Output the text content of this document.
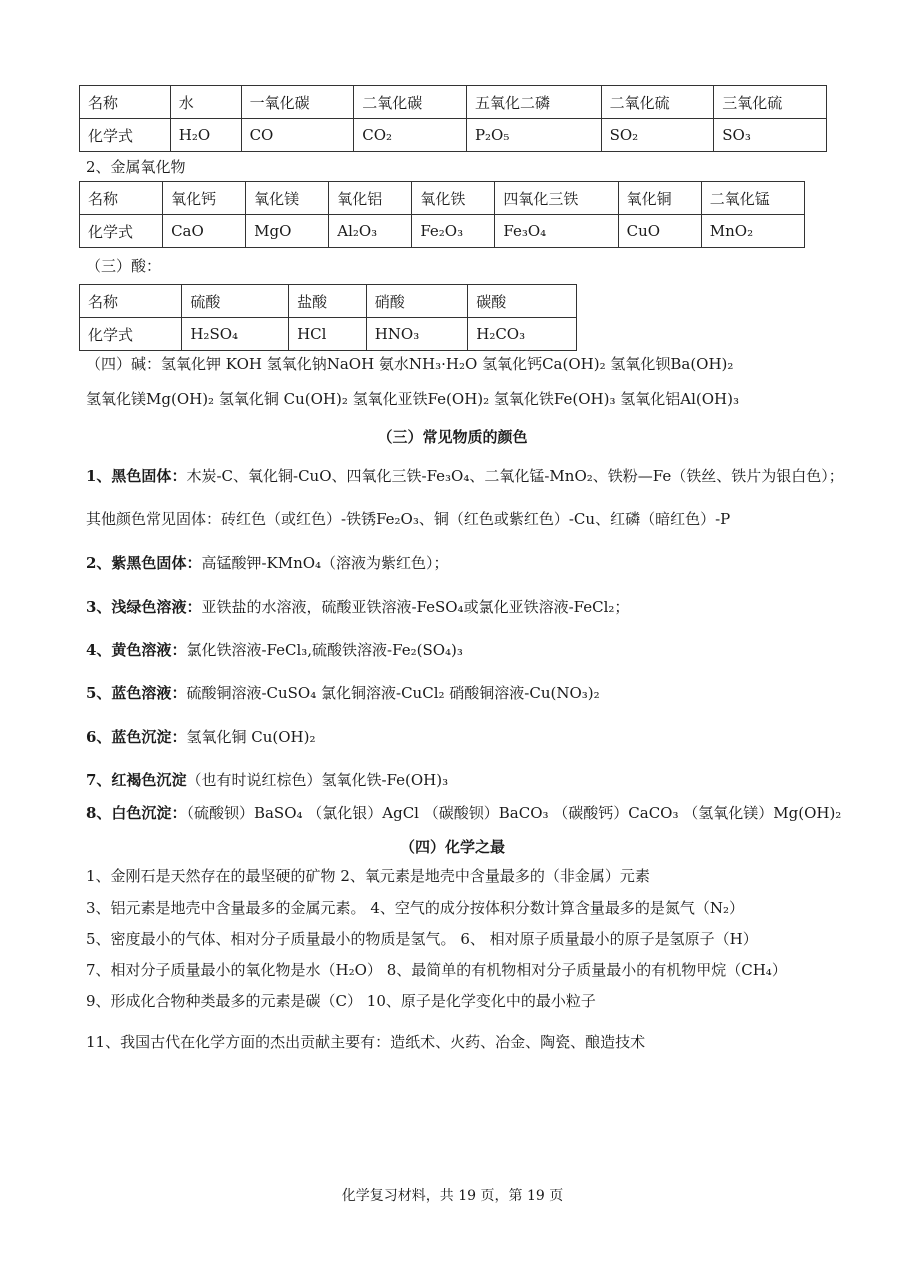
名称	水	一氧化碳	二氧化碳	五氧化二磷	二氧化硫	三氧化硫
化学式	H₂O	CO	CO₂	P₂O₅	SO₂	SO₃
2、金属氧化物
名称	氧化钙	氧化镁	氧化铝	氧化铁	四氧化三铁	氧化铜	二氧化锰
化学式	CaO	MgO	Al₂O₃	Fe₂O₃	Fe₃O₄	CuO	MnO₂
（三）酸：
名称	硫酸	盐酸	硝酸	碳酸
化学式	H₂SO₄	HCl	HNO₃	H₂CO₃
（四）碱：氢氧化钾 KOH 氢氧化钠NaOH 氨水NH₃·H₂O 氢氧化钙Ca(OH)₂ 氢氧化钡Ba(OH)₂
氢氧化镁Mg(OH)₂ 氢氧化铜 Cu(OH)₂ 氢氧化亚铁Fe(OH)₂ 氢氧化铁Fe(OH)₃ 氢氧化铝Al(OH)₃
（三）常见物质的颜色
1、黑色固体：木炭-C、氧化铜-CuO、四氧化三铁-Fe₃O₄、二氧化锰-MnO₂、铁粉—Fe（铁丝、铁片为银白色）；
其他颜色常见固体：砖红色（或红色）-铁锈Fe₂O₃、铜（红色或紫红色）-Cu、红磷（暗红色）-P
2、紫黑色固体：高锰酸钾-KMnO₄（溶液为紫红色）；
3、浅绿色溶液：亚铁盐的水溶液，硫酸亚铁溶液-FeSO₄或氯化亚铁溶液-FeCl₂；
4、黄色溶液：氯化铁溶液-FeCl₃,硫酸铁溶液-Fe₂(SO₄)₃
5、蓝色溶液：硫酸铜溶液-CuSO₄ 氯化铜溶液-CuCl₂ 硝酸铜溶液-Cu(NO₃)₂
6、蓝色沉淀：氢氧化铜 Cu(OH)₂
7、红褐色沉淀（也有时说红棕色）氢氧化铁-Fe(OH)₃
8、白色沉淀：（硫酸钡）BaSO₄ （氯化银）AgCl （碳酸钡）BaCO₃ （碳酸钙）CaCO₃ （氢氧化镁）Mg(OH)₂
（四）化学之最
1、金刚石是天然存在的最坚硬的矿物 2、氧元素是地壳中含量最多的（非金属）元素
3、铝元素是地壳中含量最多的金属元素。 4、空气的成分按体积分数计算含量最多的是氮气（N₂）
5、密度最小的气体、相对分子质量最小的物质是氢气。 6、 相对原子质量最小的原子是氢原子（H）
7、相对分子质量最小的氧化物是水（H₂O） 8、最简单的有机物相对分子质量最小的有机物甲烷（CH₄）
9、形成化合物种类最多的元素是碳（C） 10、原子是化学变化中的最小粒子
11、我国古代在化学方面的杰出贡献主要有：造纸术、火药、冶金、陶瓷、酿造技术
化学复习材料，共 19 页，第 19 页
